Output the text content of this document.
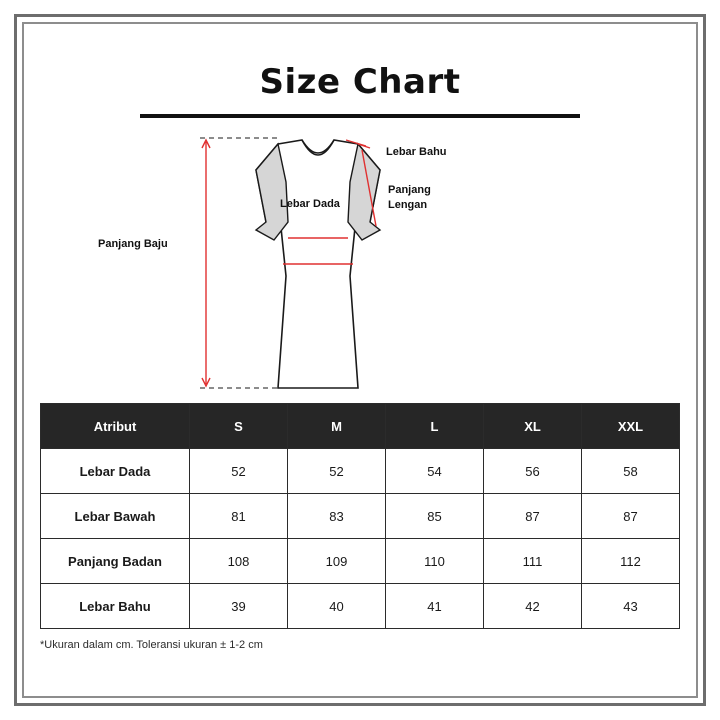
Size Chart
Lebar Bahu
Panjang
Lengan
Lebar Dada
Panjang Baju
Atribut	S	M	L	XL	XXL
Lebar Dada	52	52	54	56	58
Lebar Bawah	81	83	85	87	87
Panjang Badan	108	109	110	111	112
Lebar Bahu	39	40	41	42	43
*Ukuran dalam cm. Toleransi ukuran ± 1-2 cm
